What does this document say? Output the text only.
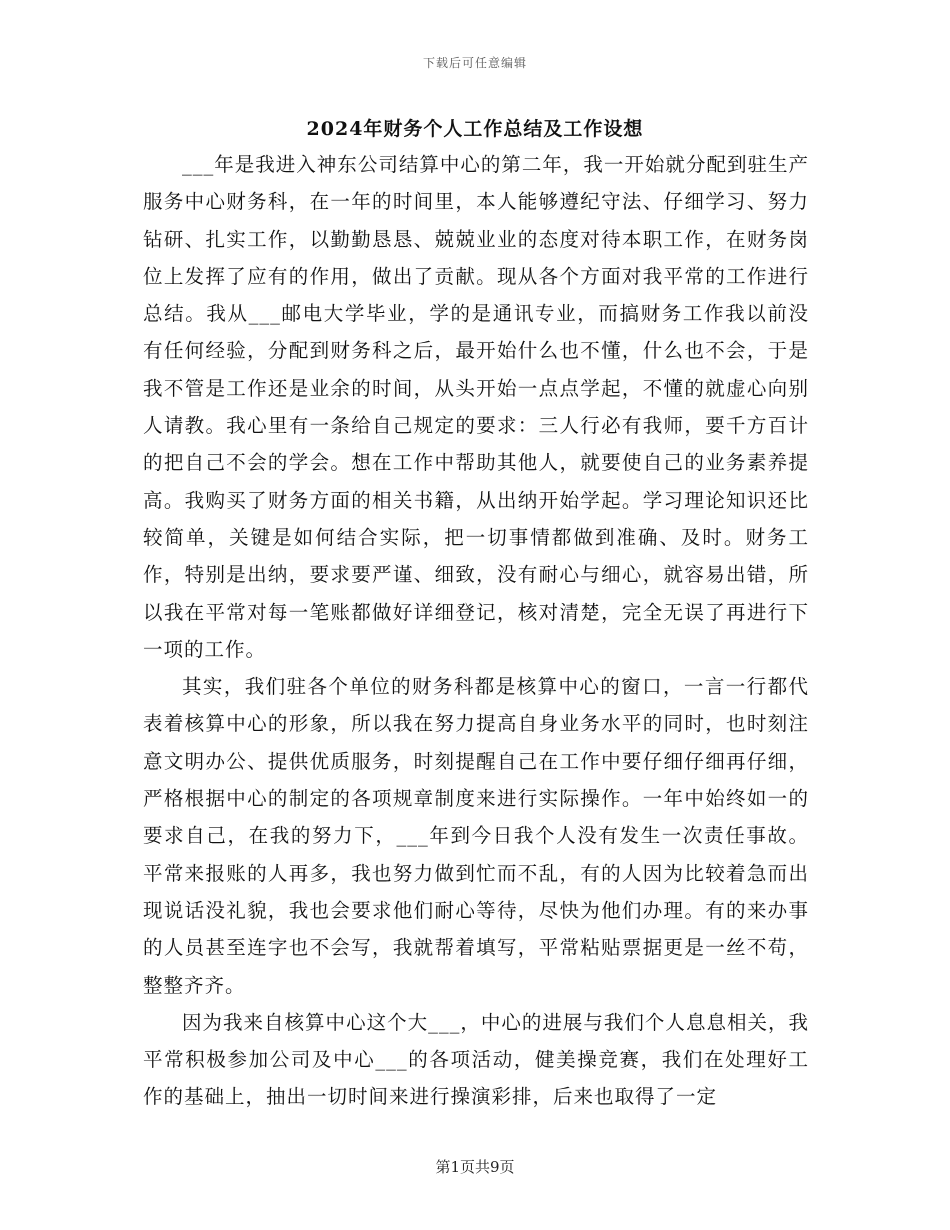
下载后可任意编辑
2024年财务个人工作总结及工作设想

___年是我进入神东公司结算中心的第二年，我一开始就分配到驻生产服务中心财务科，在一年的时间里，本人能够遵纪守法、仔细学习、努力钻研、扎实工作，以勤勤恳恳、兢兢业业的态度对待本职工作，在财务岗位上发挥了应有的作用，做出了贡献。现从各个方面对我平常的工作进行总结。我从___邮电大学毕业，学的是通讯专业，而搞财务工作我以前没有任何经验，分配到财务科之后，最开始什么也不懂，什么也不会，于是我不管是工作还是业余的时间，从头开始一点点学起，不懂的就虚心向别人请教。我心里有一条给自己规定的要求：三人行必有我师，要千方百计的把自己不会的学会。想在工作中帮助其他人，就要使自己的业务素养提高。我购买了财务方面的相关书籍，从出纳开始学起。学习理论知识还比较简单，关键是如何结合实际，把一切事情都做到准确、及时。财务工作，特别是出纳，要求要严谨、细致，没有耐心与细心，就容易出错，所以我在平常对每一笔账都做好详细登记，核对清楚，完全无误了再进行下一项的工作。

其实，我们驻各个单位的财务科都是核算中心的窗口，一言一行都代表着核算中心的形象，所以我在努力提高自身业务水平的同时，也时刻注意文明办公、提供优质服务，时刻提醒自己在工作中要仔细仔细再仔细，严格根据中心的制定的各项规章制度来进行实际操作。一年中始终如一的要求自己，在我的努力下，___年到今日我个人没有发生一次责任事故。平常来报账的人再多，我也努力做到忙而不乱，有的人因为比较着急而出现说话没礼貌，我也会要求他们耐心等待，尽快为他们办理。有的来办事的人员甚至连字也不会写，我就帮着填写，平常粘贴票据更是一丝不苟，整整齐齐。

因为我来自核算中心这个大___，中心的进展与我们个人息息相关，我平常积极参加公司及中心___的各项活动，健美操竞赛，我们在处理好工作的基础上，抽出一切时间来进行操演彩排，后来也取得了一定

第1页共9页
